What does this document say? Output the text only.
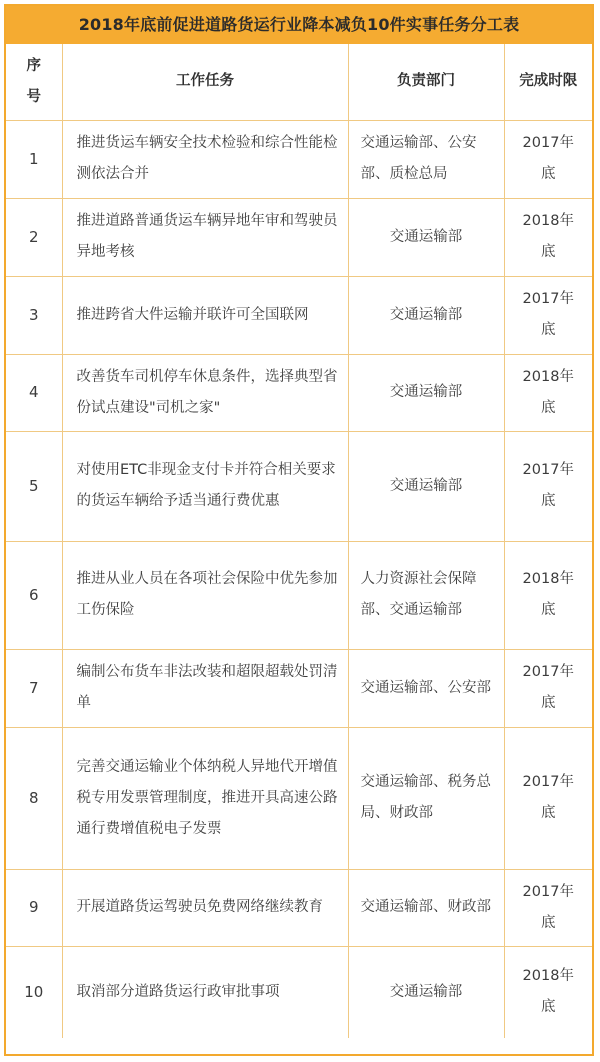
2018年底前促进道路货运行业降本减负10件实事任务分工表
序号	工作任务	负责部门	完成时限

1	推进货运车辆安全技术检验和综合性能检测依法合并	交通运输部、公安部、质检总局	2017年底

2	推进道路普通货运车辆异地年审和驾驶员异地考核	交通运输部	2018年底

3	推进跨省大件运输并联许可全国联网	交通运输部	2017年底

4	改善货车司机停车休息条件，选择典型省份试点建设"司机之家"	交通运输部	2018年底

5	对使用ETC非现金支付卡并符合相关要求的货运车辆给予适当通行费优惠	交通运输部	2017年底

6	推进从业人员在各项社会保险中优先参加工伤保险	人力资源社会保障部、交通运输部	2018年底

7	编制公布货车非法改装和超限超载处罚清单	交通运输部、公安部	2017年底

8	完善交通运输业个体纳税人异地代开增值税专用发票管理制度，推进开具高速公路通行费增值税电子发票	交通运输部、税务总局、财政部	2017年底

9	开展道路货运驾驶员免费网络继续教育	交通运输部、财政部	2017年底

10	取消部分道路货运行政审批事项	交通运输部	2018年底
